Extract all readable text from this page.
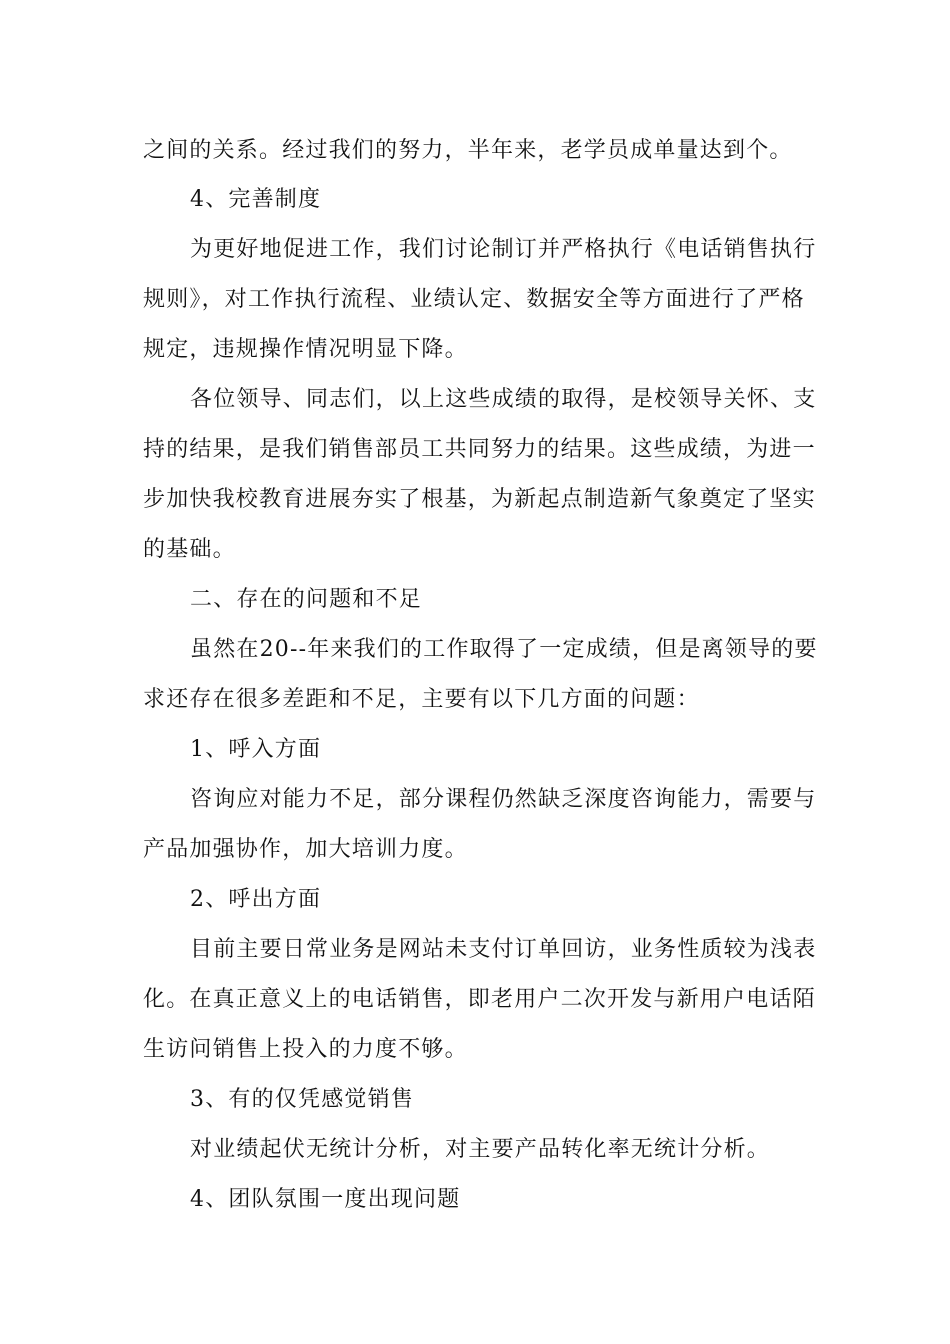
之间的关系。经过我们的努力，半年来，老学员成单量达到个。
4、完善制度
为更好地促进工作，我们讨论制订并严格执行《电话销售执行
规则》，对工作执行流程、业绩认定、数据安全等方面进行了严格
规定，违规操作情况明显下降。
各位领导、同志们，以上这些成绩的取得，是校领导关怀、支
持的结果，是我们销售部员工共同努力的结果。这些成绩，为进一
步加快我校教育进展夯实了根基，为新起点制造新气象奠定了坚实
的基础。
二、存在的问题和不足
虽然在20--年来我们的工作取得了一定成绩，但是离领导的要
求还存在很多差距和不足，主要有以下几方面的问题：
1、呼入方面
咨询应对能力不足，部分课程仍然缺乏深度咨询能力，需要与
产品加强协作，加大培训力度。
2、呼出方面
目前主要日常业务是网站未支付订单回访，业务性质较为浅表
化。在真正意义上的电话销售，即老用户二次开发与新用户电话陌
生访问销售上投入的力度不够。
3、有的仅凭感觉销售
对业绩起伏无统计分析，对主要产品转化率无统计分析。
4、团队氛围一度出现问题
